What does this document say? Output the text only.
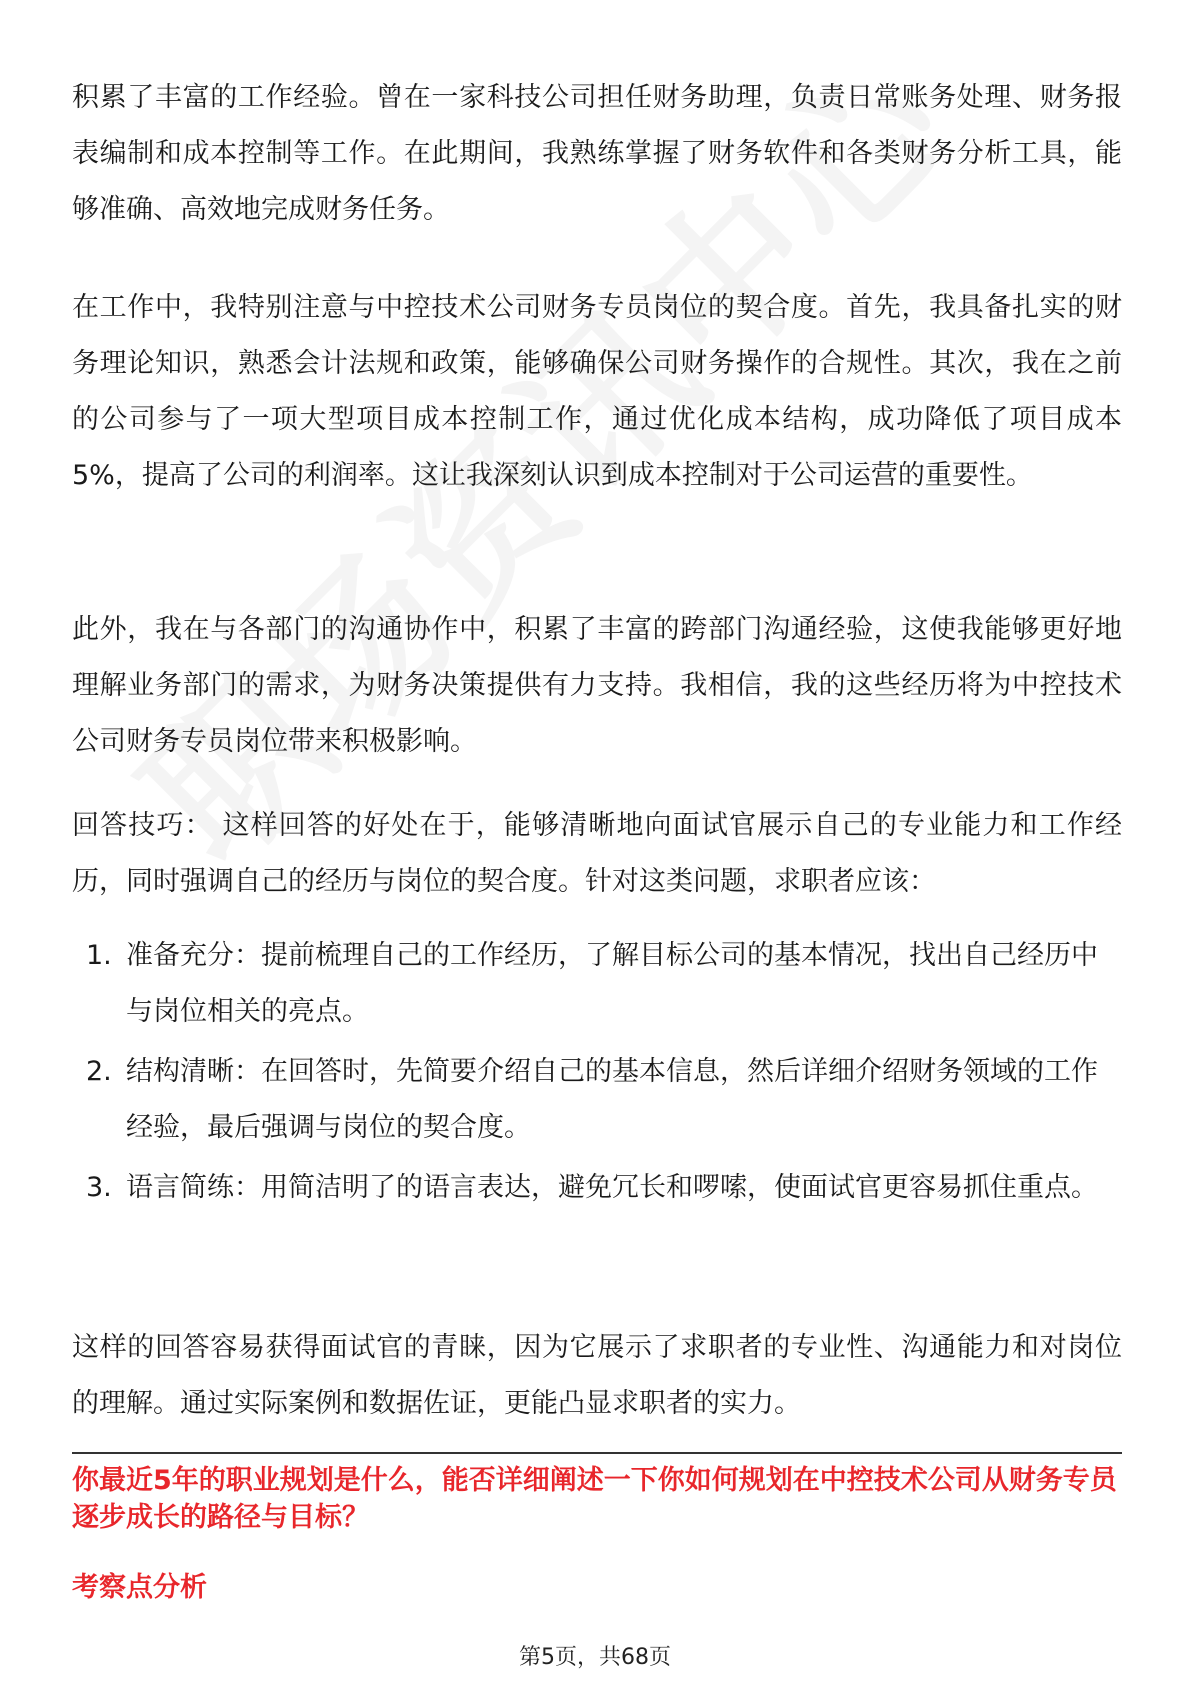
积累了丰富的工作经验。曾在一家科技公司担任财务助理，负责日常账务处理、财务报表编制和成本控制等工作。在此期间，我熟练掌握了财务软件和各类财务分析工具，能够准确、高效地完成财务任务。

在工作中，我特别注意与中控技术公司财务专员岗位的契合度。首先，我具备扎实的财务理论知识，熟悉会计法规和政策，能够确保公司财务操作的合规性。其次，我在之前的公司参与了一项大型项目成本控制工作，通过优化成本结构，成功降低了项目成本5%，提高了公司的利润率。这让我深刻认识到成本控制对于公司运营的重要性。

此外，我在与各部门的沟通协作中，积累了丰富的跨部门沟通经验，这使我能够更好地理解业务部门的需求，为财务决策提供有力支持。我相信，我的这些经历将为中控技术公司财务专员岗位带来积极影响。

回答技巧： 这样回答的好处在于，能够清晰地向面试官展示自己的专业能力和工作经历，同时强调自己的经历与岗位的契合度。针对这类问题，求职者应该：

1. 准备充分：提前梳理自己的工作经历，了解目标公司的基本情况，找出自己经历中与岗位相关的亮点。
2. 结构清晰：在回答时，先简要介绍自己的基本信息，然后详细介绍财务领域的工作经验，最后强调与岗位的契合度。
3. 语言简练：用简洁明了的语言表达，避免冗长和啰嗦，使面试官更容易抓住重点。

这样的回答容易获得面试官的青睐，因为它展示了求职者的专业性、沟通能力和对岗位的理解。通过实际案例和数据佐证，更能凸显求职者的实力。

你最近5年的职业规划是什么，能否详细阐述一下你如何规划在中控技术公司从财务专员逐步成长的路径与目标？

考察点分析

第5页，共68页
